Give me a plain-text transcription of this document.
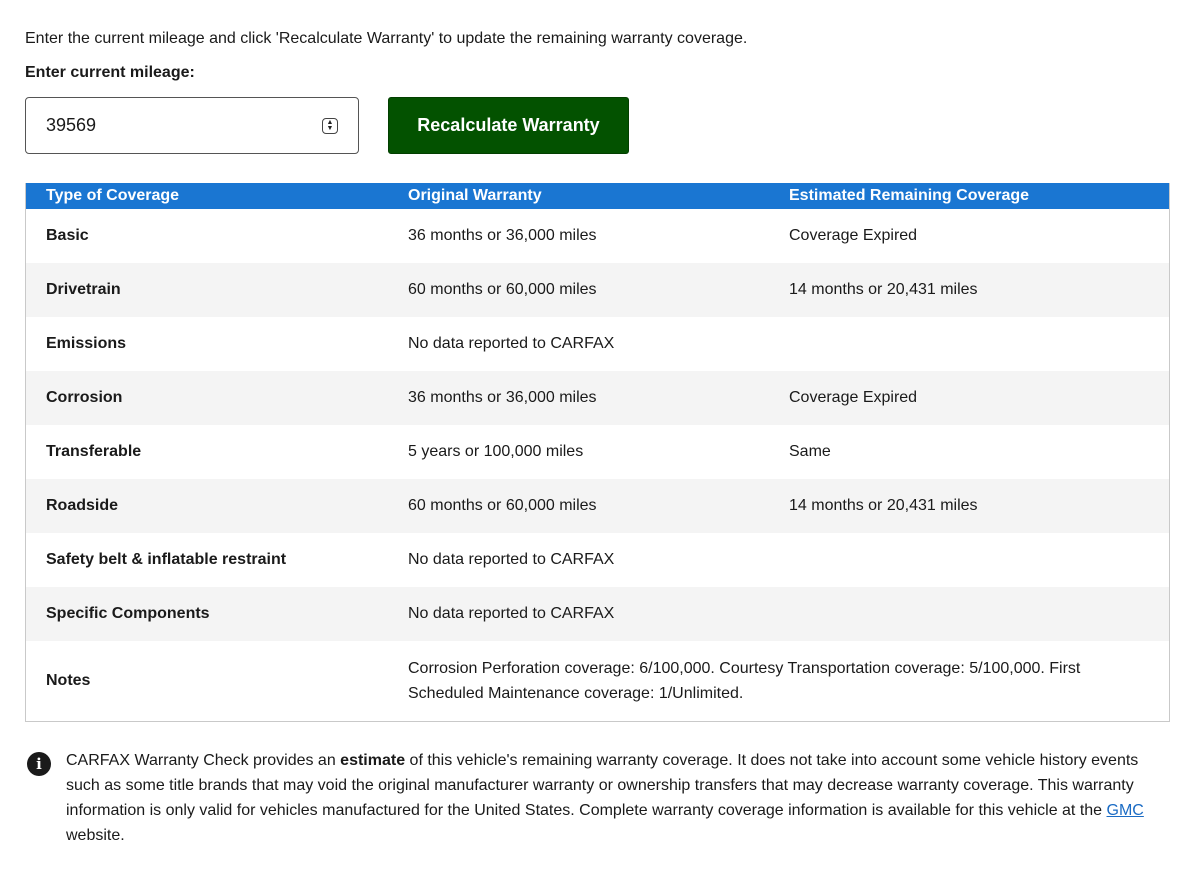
Enter the current mileage and click 'Recalculate Warranty' to update the remaining warranty coverage.
Enter current mileage:
39569
▲
▼	Recalculate Warranty
Type of Coverage	Original Warranty	Estimated Remaining Coverage
Basic	36 months or 36,000 miles	Coverage Expired
Drivetrain	60 months or 60,000 miles	14 months or 20,431 miles
Emissions	No data reported to CARFAX
Corrosion	36 months or 36,000 miles	Coverage Expired
Transferable	5 years or 100,000 miles	Same
Roadside	60 months or 60,000 miles	14 months or 20,431 miles
Safety belt & inflatable restraint	No data reported to CARFAX
Specific Components	No data reported to CARFAX
Notes
Corrosion Perforation coverage: 6/100,000. Courtesy Transportation coverage: 5/100,000. First Scheduled Maintenance coverage: 1/Unlimited.
i	CARFAX Warranty Check provides an estimate of this vehicle's remaining warranty coverage. It does not take into account some vehicle history events such as some title brands that may void the original manufacturer warranty or ownership transfers that may decrease warranty coverage. This warranty information is only valid for vehicles manufactured for the United States. Complete warranty coverage information is available for this vehicle at the GMC website.
